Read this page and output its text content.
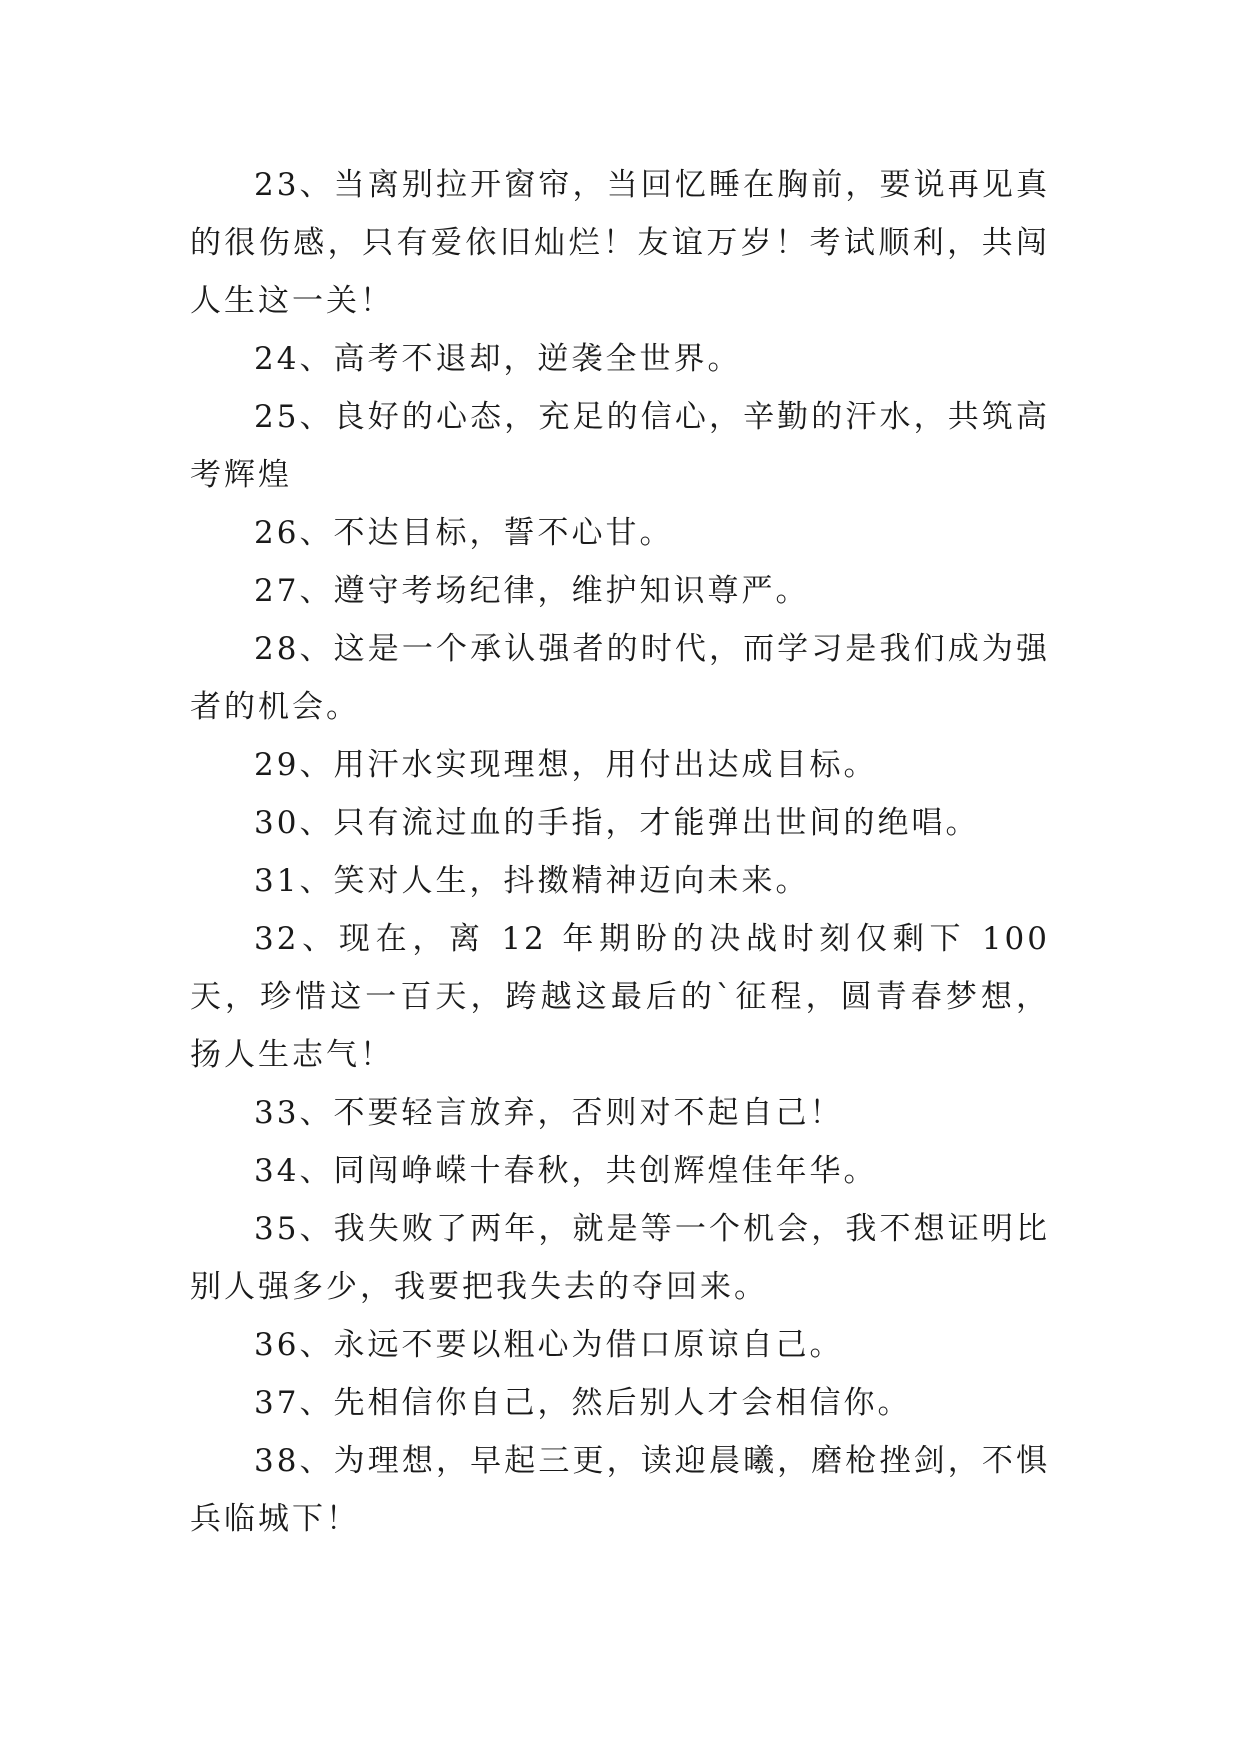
23、当离别拉开窗帘，当回忆睡在胸前，要说再见真的很伤感，只有爱依旧灿烂！友谊万岁！考试顺利，共闯人生这一关！

24、高考不退却，逆袭全世界。

25、良好的心态，充足的信心，辛勤的汗水，共筑高考辉煌

26、不达目标，誓不心甘。

27、遵守考场纪律，维护知识尊严。

28、这是一个承认强者的时代，而学习是我们成为强者的机会。

29、用汗水实现理想，用付出达成目标。

30、只有流过血的手指，才能弹出世间的绝唱。

31、笑对人生，抖擞精神迈向未来。

32、现在，离 12 年期盼的决战时刻仅剩下 100 天，珍惜这一百天，跨越这最后的`征程，圆青春梦想，扬人生志气！

33、不要轻言放弃，否则对不起自己！

34、同闯峥嵘十春秋，共创辉煌佳年华。

35、我失败了两年，就是等一个机会，我不想证明比别人强多少，我要把我失去的夺回来。

36、永远不要以粗心为借口原谅自己。

37、先相信你自己，然后别人才会相信你。

38、为理想，早起三更，读迎晨曦，磨枪挫剑，不惧兵临城下！
